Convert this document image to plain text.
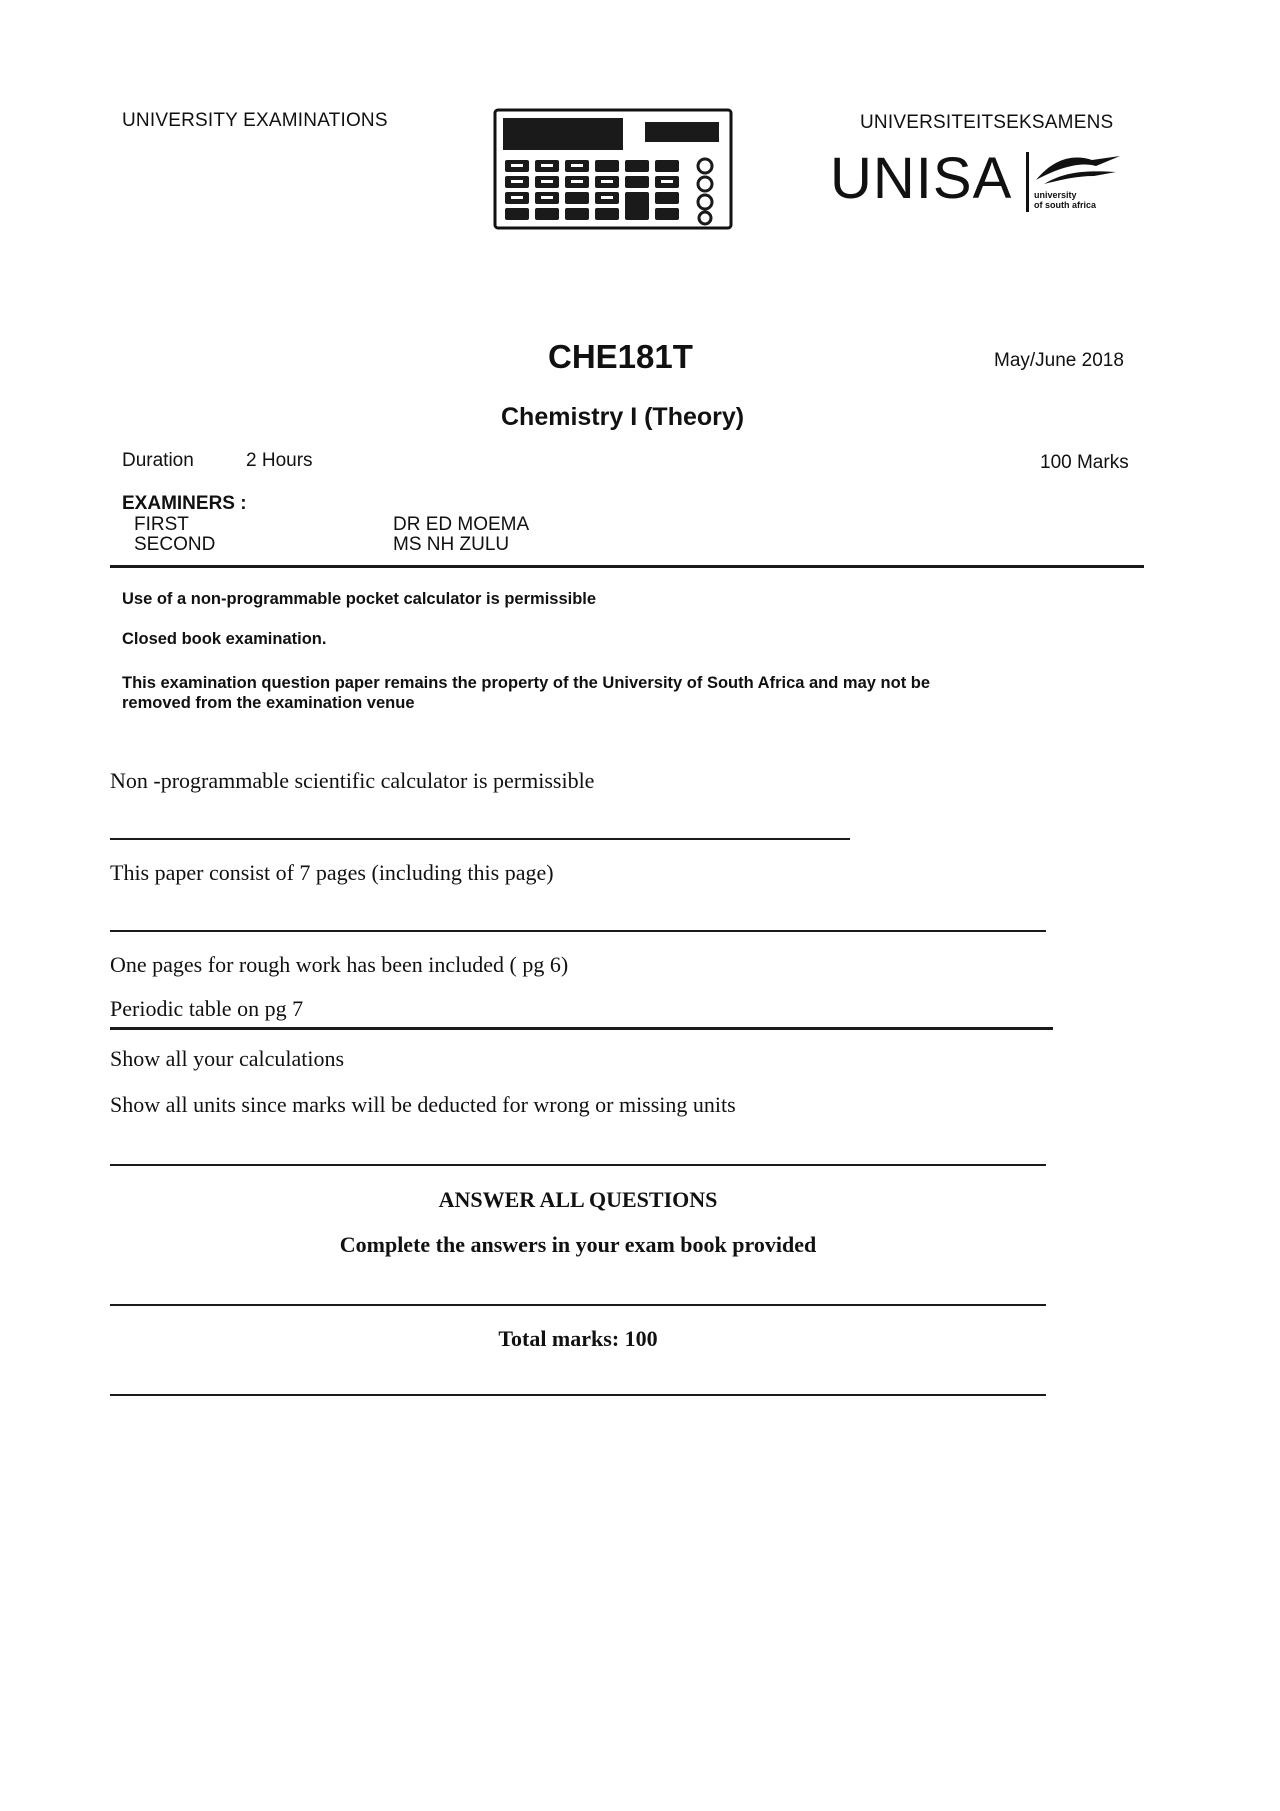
UNIVERSITY EXAMINATIONS	UNIVERSITEITSEKSAMENS
UNISA university
of south africa
CHE181T	May/June 2018
Chemistry I (Theory)
Duration	2 Hours	100 Marks
EXAMINERS :
FIRST	DR ED MOEMA
SECOND	MS NH ZULU
Use of a non-programmable pocket calculator is permissible
Closed book examination.
This examination question paper remains the property of the University of South Africa and may not be
removed from the examination venue
Non -programmable scientific calculator is permissible
This paper consist of 7 pages (including this page)
One pages for rough work has been included ( pg 6)
Periodic table on pg 7
Show all your calculations
Show all units since marks will be deducted for wrong or missing units
ANSWER ALL QUESTIONS
Complete the answers in your exam book provided
Total marks: 100
